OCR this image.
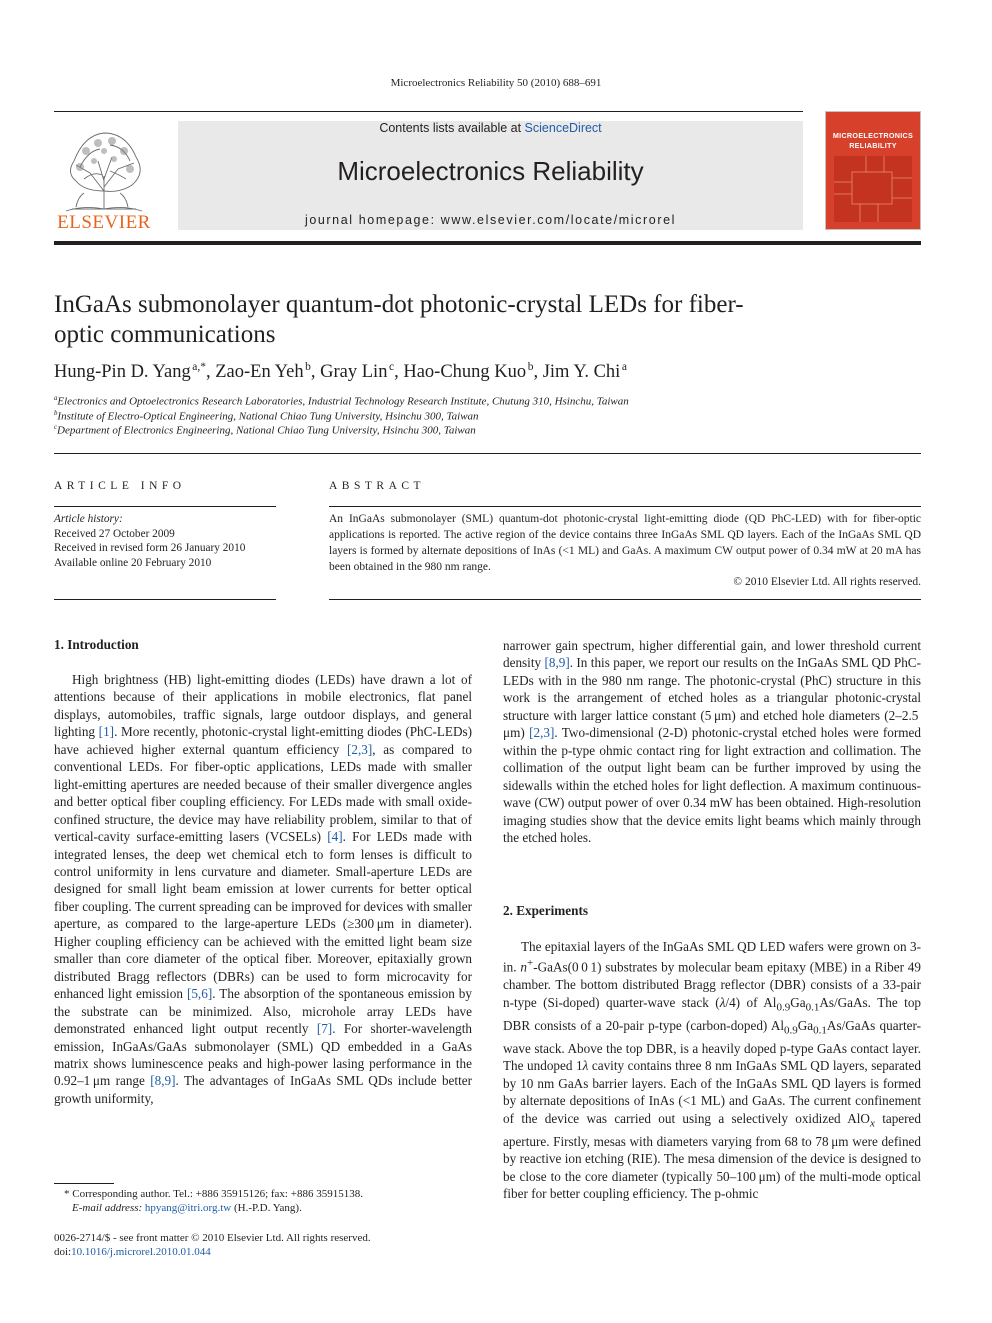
Microelectronics Reliability 50 (2010) 688–691
ELSEVIER
Contents lists available at ScienceDirect
Microelectronics Reliability
journal homepage: www.elsevier.com/locate/microrel
MICROELECTRONICS RELIABILITY
InGaAs submonolayer quantum-dot photonic-crystal LEDs for fiber-optic communications
Hung-Pin D. Yang  $^{a,*}$, Zao-En Yeh  $^b$, Gray Lin  $^c$, Hao-Chung Kuo  $^b$, Jim Y. Chi  $^a$
$^a$Electronics and Optoelectronics Research Laboratories, Industrial Technology Research Institute, Chutung 310, Hsinchu, Taiwan
$^b$Institute of Electro-Optical Engineering, National Chiao Tung University, Hsinchu 300, Taiwan
$^c$Department of Electronics Engineering, National Chiao Tung University, Hsinchu 300, Taiwan
ARTICLE INFO
Article history:
Received 27 October 2009
Received in revised form 26 January 2010
Available online 20 February 2010
ABSTRACT
An InGaAs submonolayer (SML) quantum-dot photonic-crystal light-emitting diode (QD PhC-LED) with for fiber-optic applications is reported. The active region of the device contains three InGaAs SML QD layers. Each of the InGaAs SML QD layers is formed by alternate depositions of InAs (<1 ML) and GaAs. A maximum CW output power of 0.34 mW at 20 mA has been obtained in the 980 nm range.
© 2010 Elsevier Ltd. All rights reserved.
1. Introduction

High brightness (HB) light-emitting diodes (LEDs) have drawn a lot of attentions because of their applications in mobile electronics, flat panel displays, automobiles, traffic signals, large outdoor displays, and general lighting [1]. More recently, photonic-crystal light-emitting diodes (PhC-LEDs) have achieved higher external quantum efficiency [2,3], as compared to conventional LEDs. For fiber-optic applications, LEDs made with smaller light-emitting apertures are needed because of their smaller divergence angles and better optical fiber coupling efficiency. For LEDs made with small oxide-confined structure, the device may have reliability problem, similar to that of vertical-cavity surface-emitting lasers (VCSELs) [4]. For LEDs made with integrated lenses, the deep wet chemical etch to form lenses is difficult to control uniformity in lens curvature and diameter. Small-aperture LEDs are designed for small light beam emission at lower currents for better optical fiber coupling. The current spreading can be improved for devices with smaller aperture, as compared to the large-aperture LEDs (≥300 μm in diameter). Higher coupling efficiency can be achieved with the emitted light beam size smaller than core diameter of the optical fiber. Moreover, epitaxially grown distributed Bragg reflectors (DBRs) can be used to form microcavity for enhanced light emission [5,6]. The absorption of the spontaneous emission by the substrate can be minimized. Also, microhole array LEDs have demonstrated enhanced light output recently [7]. For shorter-wavelength emission, InGaAs/GaAs submonolayer (SML) QD embedded in a GaAs matrix shows luminescence peaks and high-power lasing performance in the 0.92–1 μm range [8,9]. The advantages of InGaAs SML QDs include better growth uniformity,

narrower gain spectrum, higher differential gain, and lower threshold current density [8,9]. In this paper, we report our results on the InGaAs SML QD PhC-LEDs with in the 980 nm range. The photonic-crystal (PhC) structure in this work is the arrangement of etched holes as a triangular photonic-crystal structure with larger lattice constant (5 μm) and etched hole diameters (2–2.5 μm) [2,3]. Two-dimensional (2-D) photonic-crystal etched holes were formed within the p-type ohmic contact ring for light extraction and collimation. The collimation of the output light beam can be further improved by using the sidewalls within the etched holes for light deflection. A maximum continuous-wave (CW) output power of over 0.34 mW has been obtained. High-resolution imaging studies show that the device emits light beams which mainly through the etched holes.

2. Experiments

The epitaxial layers of the InGaAs SML QD LED wafers were grown on 3-in. n+-GaAs(0 0 1) substrates by molecular beam epitaxy (MBE) in a Riber 49 chamber. The bottom distributed Bragg reflector (DBR) consists of a 33-pair n-type (Si-doped) quarter-wave stack (λ/4) of $Al_{0.9}Ga_{0.1}As$/GaAs. The top DBR consists of a 20-pair p-type (carbon-doped) $Al_{0.9}Ga_{0.1}As$/GaAs quarter-wave stack. Above the top DBR, is a heavily doped p-type GaAs contact layer. The undoped 1λ cavity contains three 8 nm InGaAs SML QD layers, separated by 10 nm GaAs barrier layers. Each of the InGaAs SML QD layers is formed by alternate depositions of InAs (<1 ML) and GaAs. The current confinement of the device was carried out using a selectively oxidized AlO$_x$ tapered aperture. Firstly, mesas with diameters varying from 68 to 78 μm were defined by reactive ion etching (RIE). The mesa dimension of the device is designed to be close to the core diameter (typically 50–100 μm) of the multi-mode optical fiber for better coupling efficiency. The p-ohmic

* Corresponding author. Tel.: +886 35915126; fax: +886 35915138.
E-mail address: hpyang@itri.org.tw (H.-P.D. Yang).
0026-2714/$ - see front matter © 2010 Elsevier Ltd. All rights reserved.
doi:10.1016/j.microrel.2010.01.044
